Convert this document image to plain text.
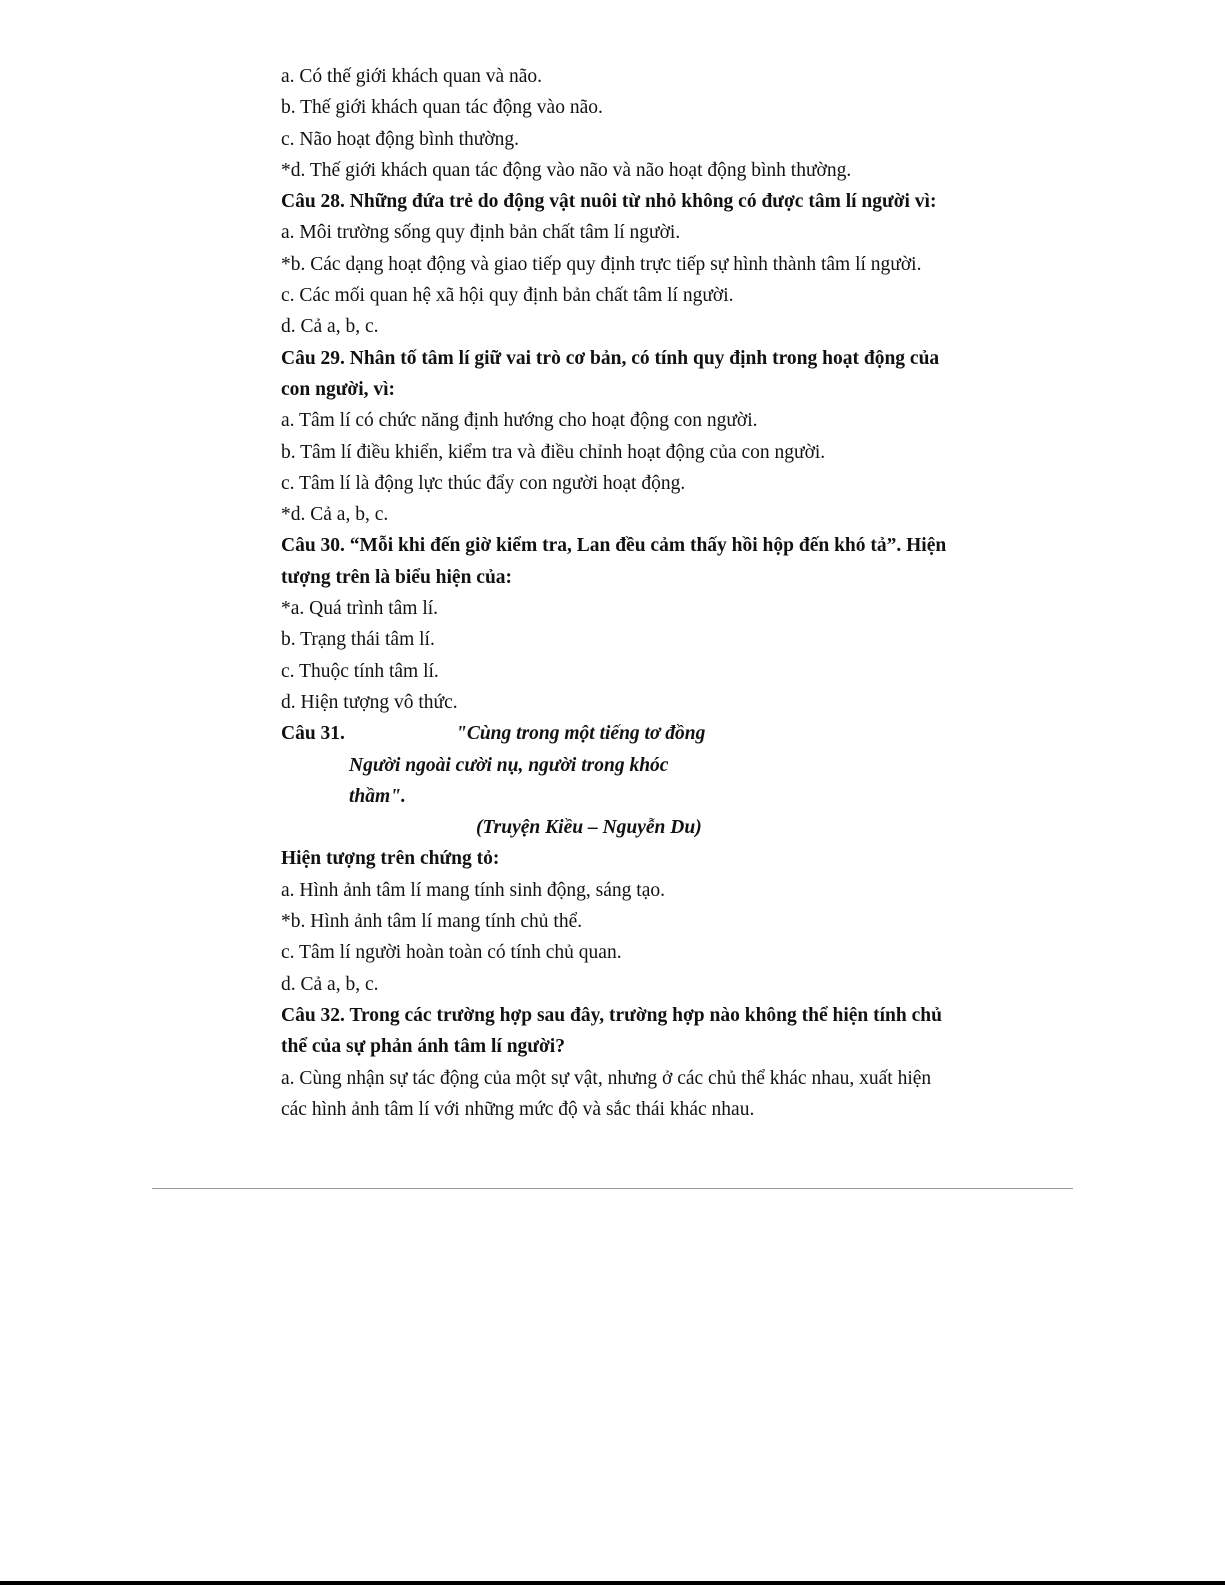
a. Có thế giới khách quan và não.
b. Thế giới khách quan tác động vào não.
c. Não hoạt động bình thường.
*d. Thế giới khách quan tác động vào não và não hoạt động bình thường.
Câu 28. Những đứa trẻ do động vật nuôi từ nhỏ không có được tâm lí người vì:
a. Môi trường sống quy định bản chất tâm lí người.
*b. Các dạng hoạt động và giao tiếp quy định trực tiếp sự hình thành tâm lí người.
c. Các mối quan hệ xã hội quy định bản chất tâm lí người.
d. Cả a, b, c.
Câu 29. Nhân tố tâm lí giữ vai trò cơ bản, có tính quy định trong hoạt động của
con người, vì:
a. Tâm lí có chức năng định hướng cho hoạt động con người.
b. Tâm lí điều khiển, kiểm tra và điều chỉnh hoạt động của con người.
c. Tâm lí là động lực thúc đẩy con người hoạt động.
*d. Cả a, b, c.
Câu 30. “Mỗi khi đến giờ kiểm tra, Lan đều cảm thấy hồi hộp đến khó tả”. Hiện
tượng trên là biểu hiện của:
*a. Quá trình tâm lí.
b. Trạng thái tâm lí.
c. Thuộc tính tâm lí.
d. Hiện tượng vô thức.
Câu 31.	"Cùng trong một tiếng tơ đồng
Người ngoài cười nụ, người trong khóc
thầm".
(Truyện Kiều – Nguyễn Du)
Hiện tượng trên chứng tỏ:
a. Hình ảnh tâm lí mang tính sinh động, sáng tạo.
*b. Hình ảnh tâm lí mang tính chủ thể.
c. Tâm lí người hoàn toàn có tính chủ quan.
d. Cả a, b, c.
Câu 32. Trong các trường hợp sau đây, trường hợp nào không thể hiện tính chủ
thể của sự phản ánh tâm lí người?
a. Cùng nhận sự tác động của một sự vật, nhưng ở các chủ thể khác nhau, xuất hiện
các hình ảnh tâm lí với những mức độ và sắc thái khác nhau.
